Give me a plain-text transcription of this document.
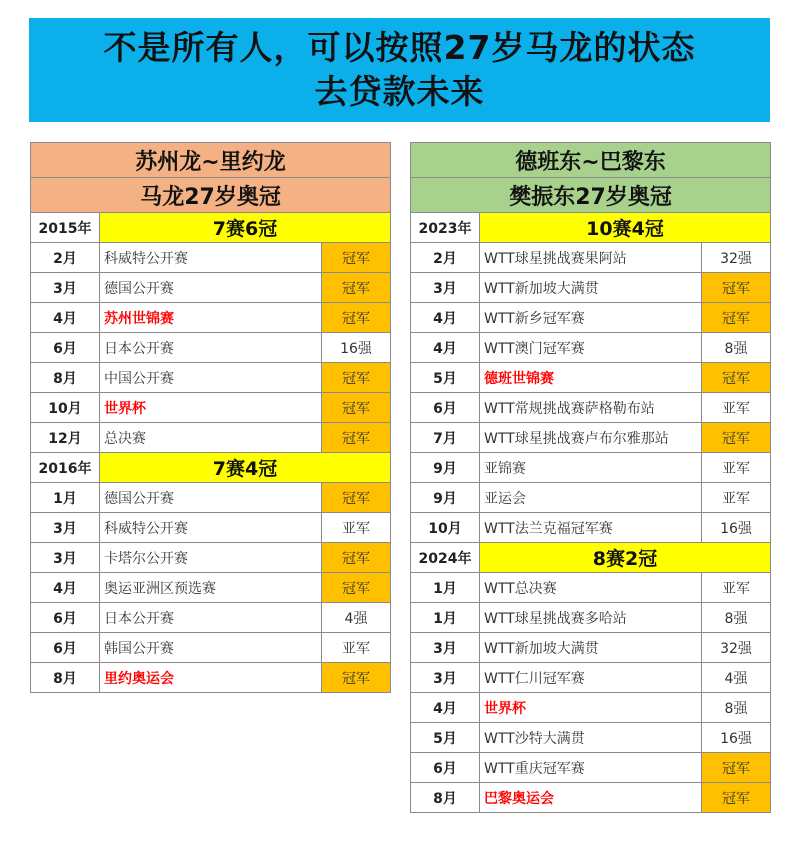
不是所有人，可以按照27岁马龙的状态
去贷款未来
苏州龙~里约龙		
马龙27岁奥冠		
2015年	7赛6冠	
2月	科威特公开赛	冠军
3月	德国公开赛	冠军
4月	苏州世锦赛	冠军
6月	日本公开赛	16强
8月	中国公开赛	冠军
10月	世界杯	冠军
12月	总决赛	冠军
2016年	7赛4冠	
1月	德国公开赛	冠军
3月	科威特公开赛	亚军
3月	卡塔尔公开赛	冠军
4月	奥运亚洲区预选赛	冠军
6月	日本公开赛	4强
6月	韩国公开赛	亚军
8月	里约奥运会	冠军
德班东~巴黎东		
樊振东27岁奥冠		
2023年	10赛4冠	
2月	WTT球星挑战赛果阿站	32强
3月	WTT新加坡大满贯	冠军
4月	WTT新乡冠军赛	冠军
4月	WTT澳门冠军赛	8强
5月	德班世锦赛	冠军
6月	WTT常规挑战赛萨格勒布站	亚军
7月	WTT球星挑战赛卢布尔雅那站	冠军
9月	亚锦赛	亚军
9月	亚运会	亚军
10月	WTT法兰克福冠军赛	16强
2024年	8赛2冠	
1月	WTT总决赛	亚军
1月	WTT球星挑战赛多哈站	8强
3月	WTT新加坡大满贯	32强
3月	WTT仁川冠军赛	4强
4月	世界杯	8强
5月	WTT沙特大满贯	16强
6月	WTT重庆冠军赛	冠军
8月	巴黎奥运会	冠军
